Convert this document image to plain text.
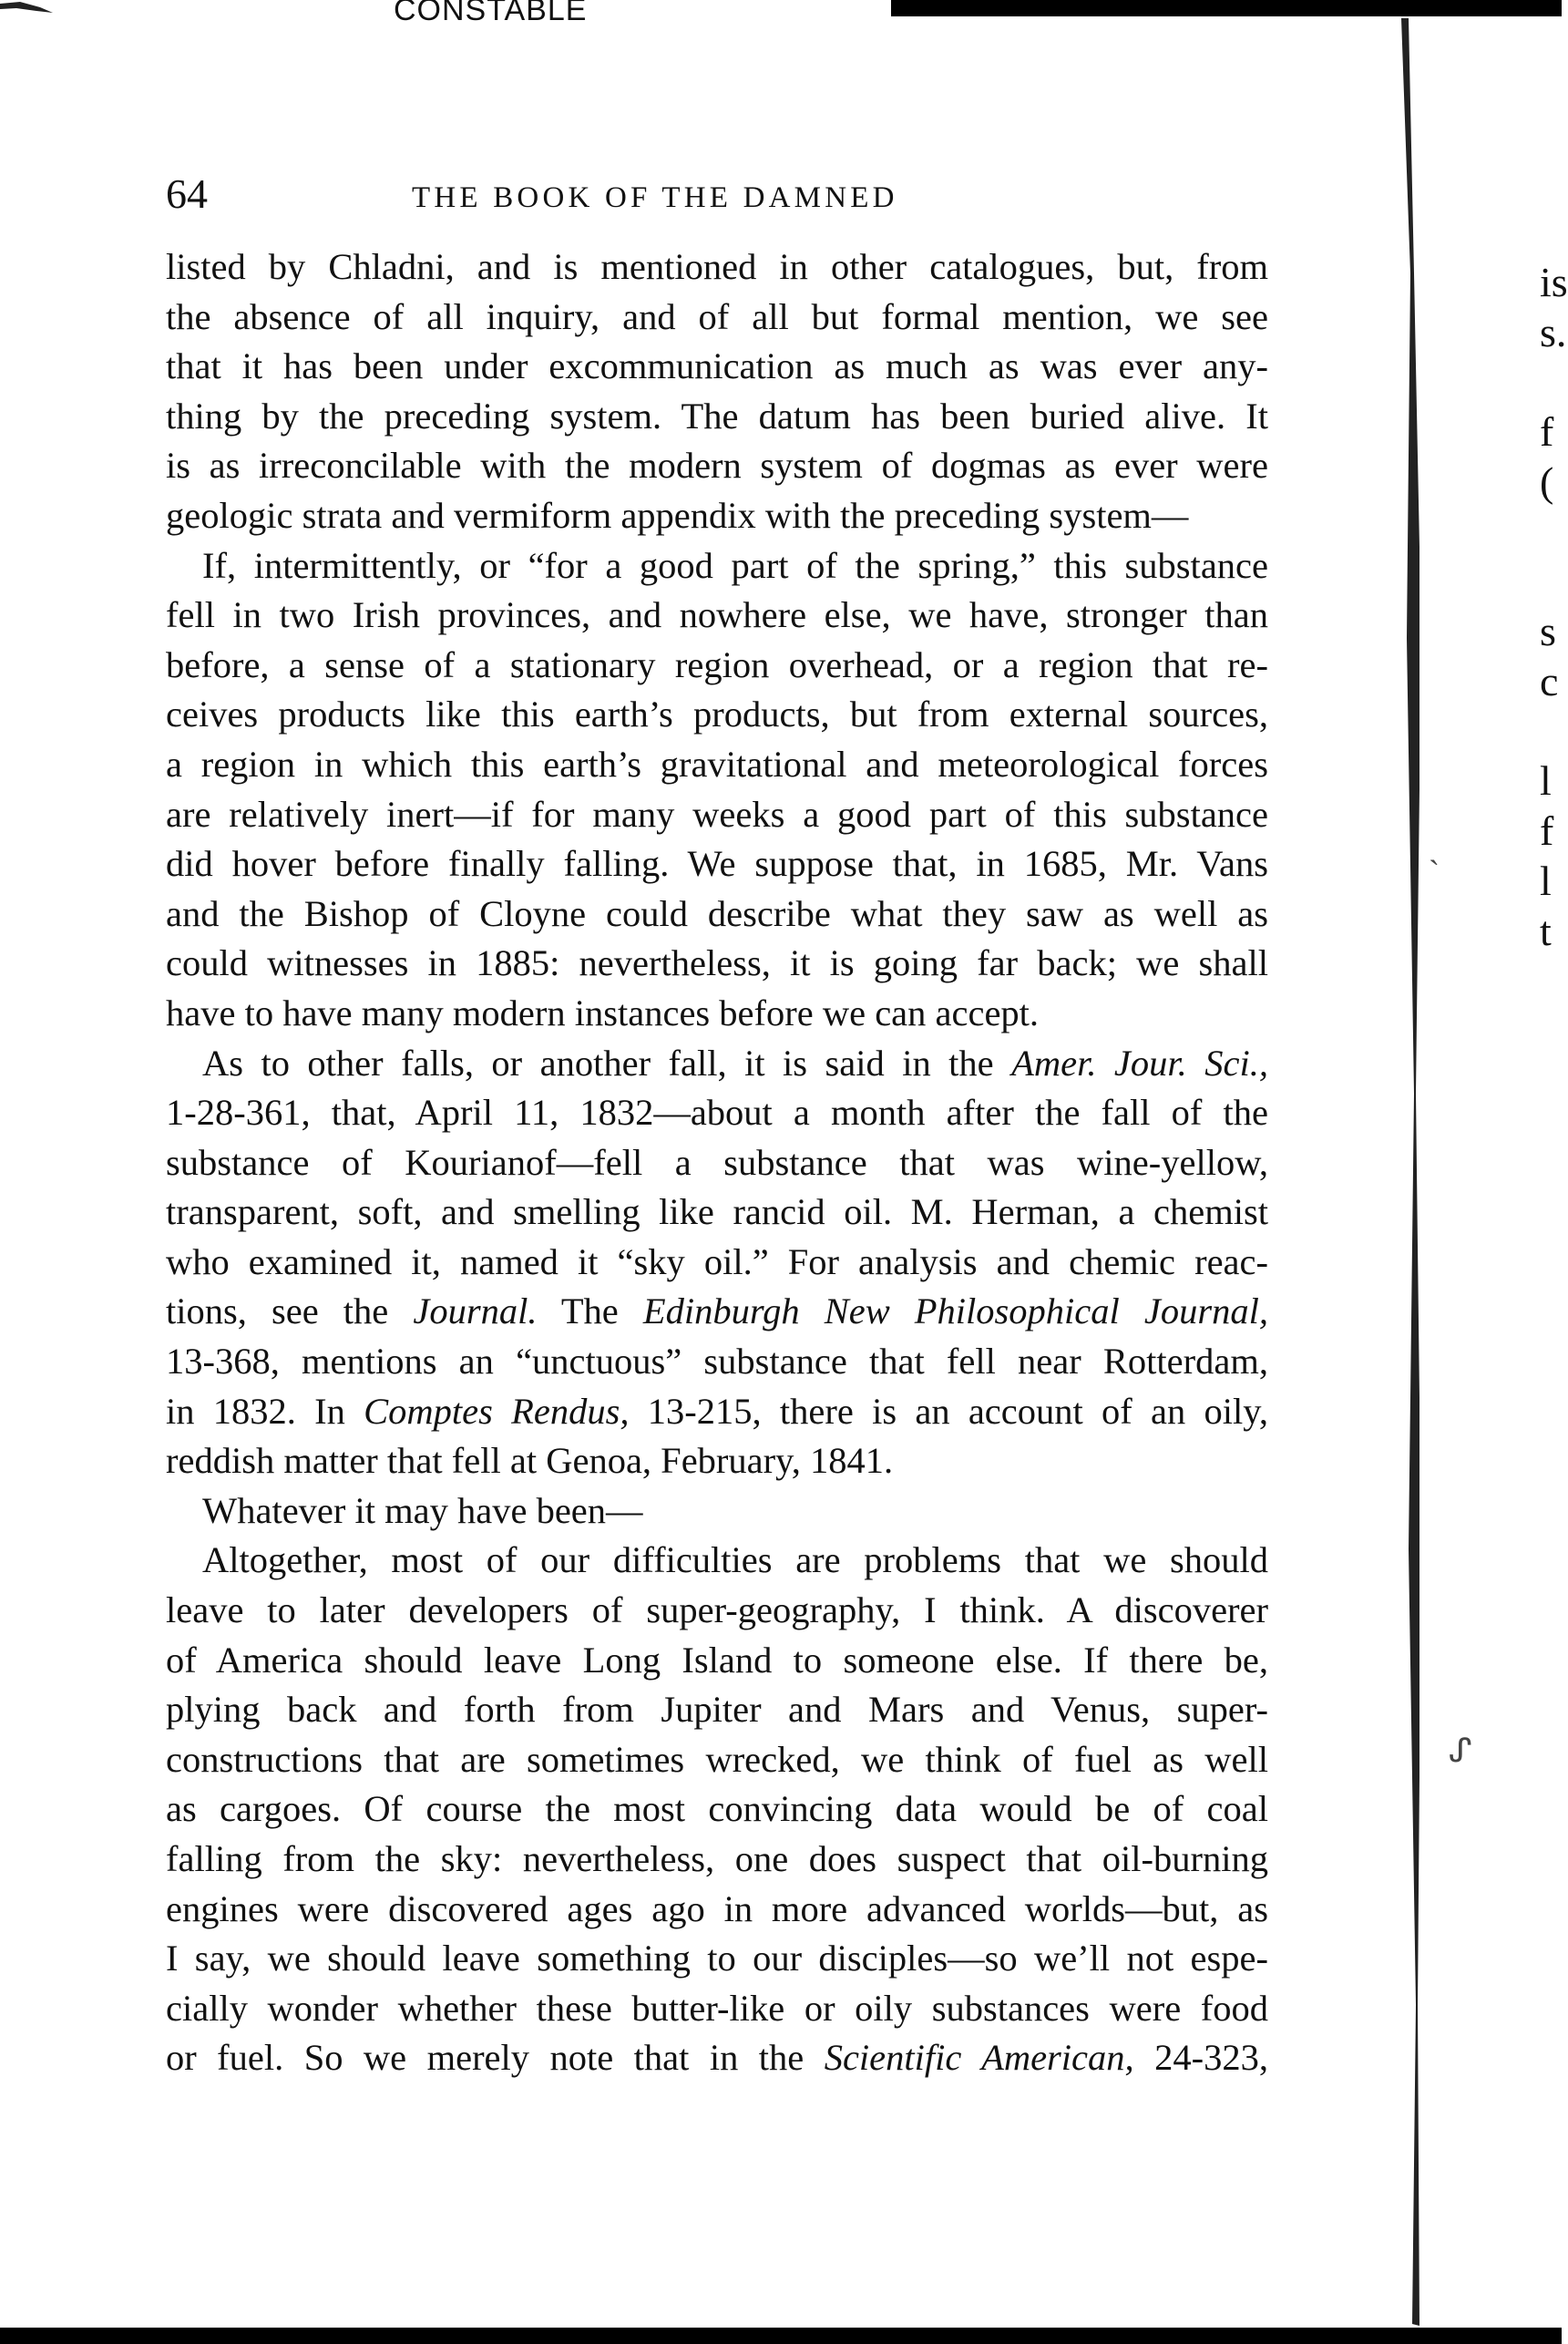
CONSTABLE
is
s.
f
(
s
c
l
f
l
t
ˏ
ᔑ
64	THE BOOK OF THE DAMNED
listed by Chladni, and is mentioned in other catalogues, but, from
the absence of all inquiry, and of all but formal mention, we see
that it has been under excommunication as much as was ever any-
thing by the preceding system. The datum has been buried alive. It
is as irreconcilable with the modern system of dogmas as ever were
geologic strata and vermiform appendix with the preceding system—
If, intermittently, or “for a good part of the spring,” this substance
fell in two Irish provinces, and nowhere else, we have, stronger than
before, a sense of a stationary region overhead, or a region that re-
ceives products like this earth’s products, but from external sources,
a region in which this earth’s gravitational and meteorological forces
are relatively inert—if for many weeks a good part of this substance
did hover before finally falling. We suppose that, in 1685, Mr. Vans
and the Bishop of Cloyne could describe what they saw as well as
could witnesses in 1885: nevertheless, it is going far back; we shall
have to have many modern instances before we can accept.
As to other falls, or another fall, it is said in the Amer. Jour. Sci.,
1-28-361, that, April 11, 1832—about a month after the fall of the
substance of Kourianof—fell a substance that was wine-yellow,
transparent, soft, and smelling like rancid oil. M. Herman, a chemist
who examined it, named it “sky oil.” For analysis and chemic reac-
tions, see the Journal. The Edinburgh New Philosophical Journal,
13-368, mentions an “unctuous” substance that fell near Rotterdam,
in 1832. In Comptes Rendus, 13-215, there is an account of an oily,
reddish matter that fell at Genoa, February, 1841.
Whatever it may have been—
Altogether, most of our difficulties are problems that we should
leave to later developers of super-geography, I think. A discoverer
of America should leave Long Island to someone else. If there be,
plying back and forth from Jupiter and Mars and Venus, super-
constructions that are sometimes wrecked, we think of fuel as well
as cargoes. Of course the most convincing data would be of coal
falling from the sky: nevertheless, one does suspect that oil-burning
engines were discovered ages ago in more advanced worlds—but, as
I say, we should leave something to our disciples—so we’ll not espe-
cially wonder whether these butter-like or oily substances were food
or fuel. So we merely note that in the Scientific American, 24-323,
